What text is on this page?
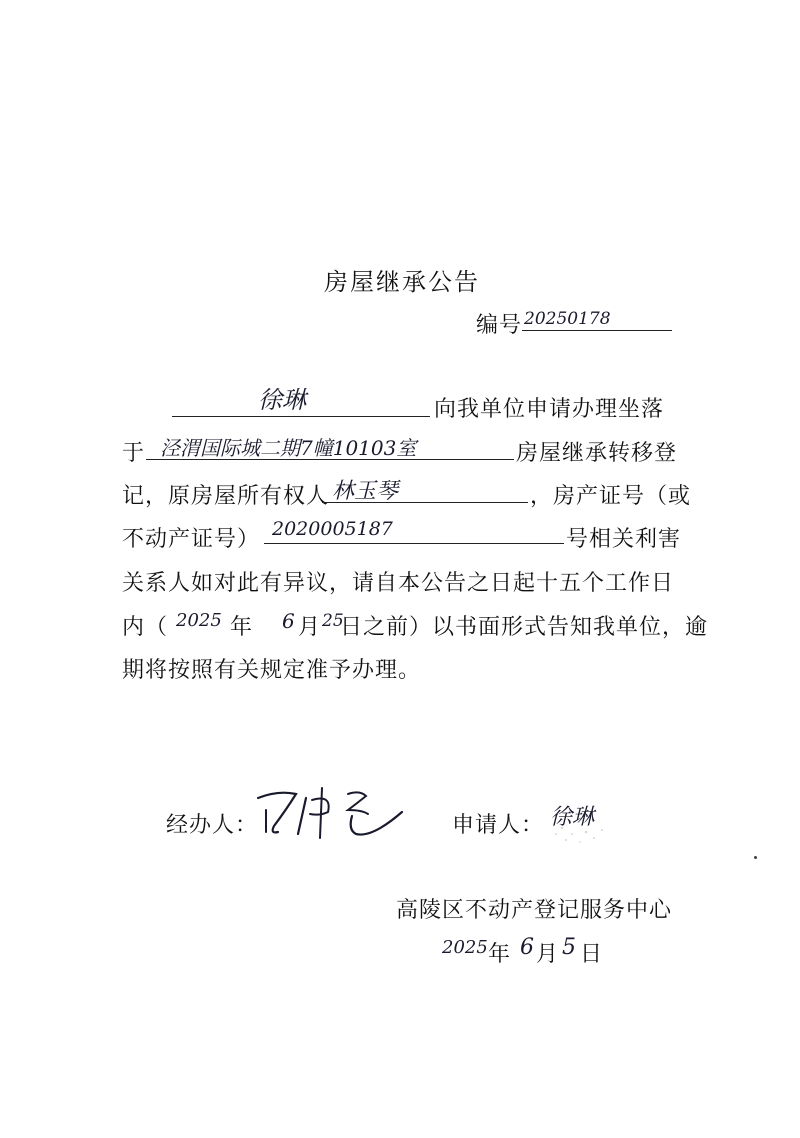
房屋继承公告
编号 20250178
徐琳	向我单位申请办理坐落
于 泾渭国际城二期7幢10103室	房屋继承转移登
记，原房屋所有权人 林玉琴	，房产证号（或
不动产证号） 2020005187	号相关利害
关系人如对此有异议，请自本公告之日起十五个工作日
内（ 2025 年 6 月 25
日之前）以书面形式告知我单位，逾
期将按照有关规定准予办理。
经办人：	申请人： 徐琳
高陵区不动产登记服务中心
2025 年 6 月 5 日
